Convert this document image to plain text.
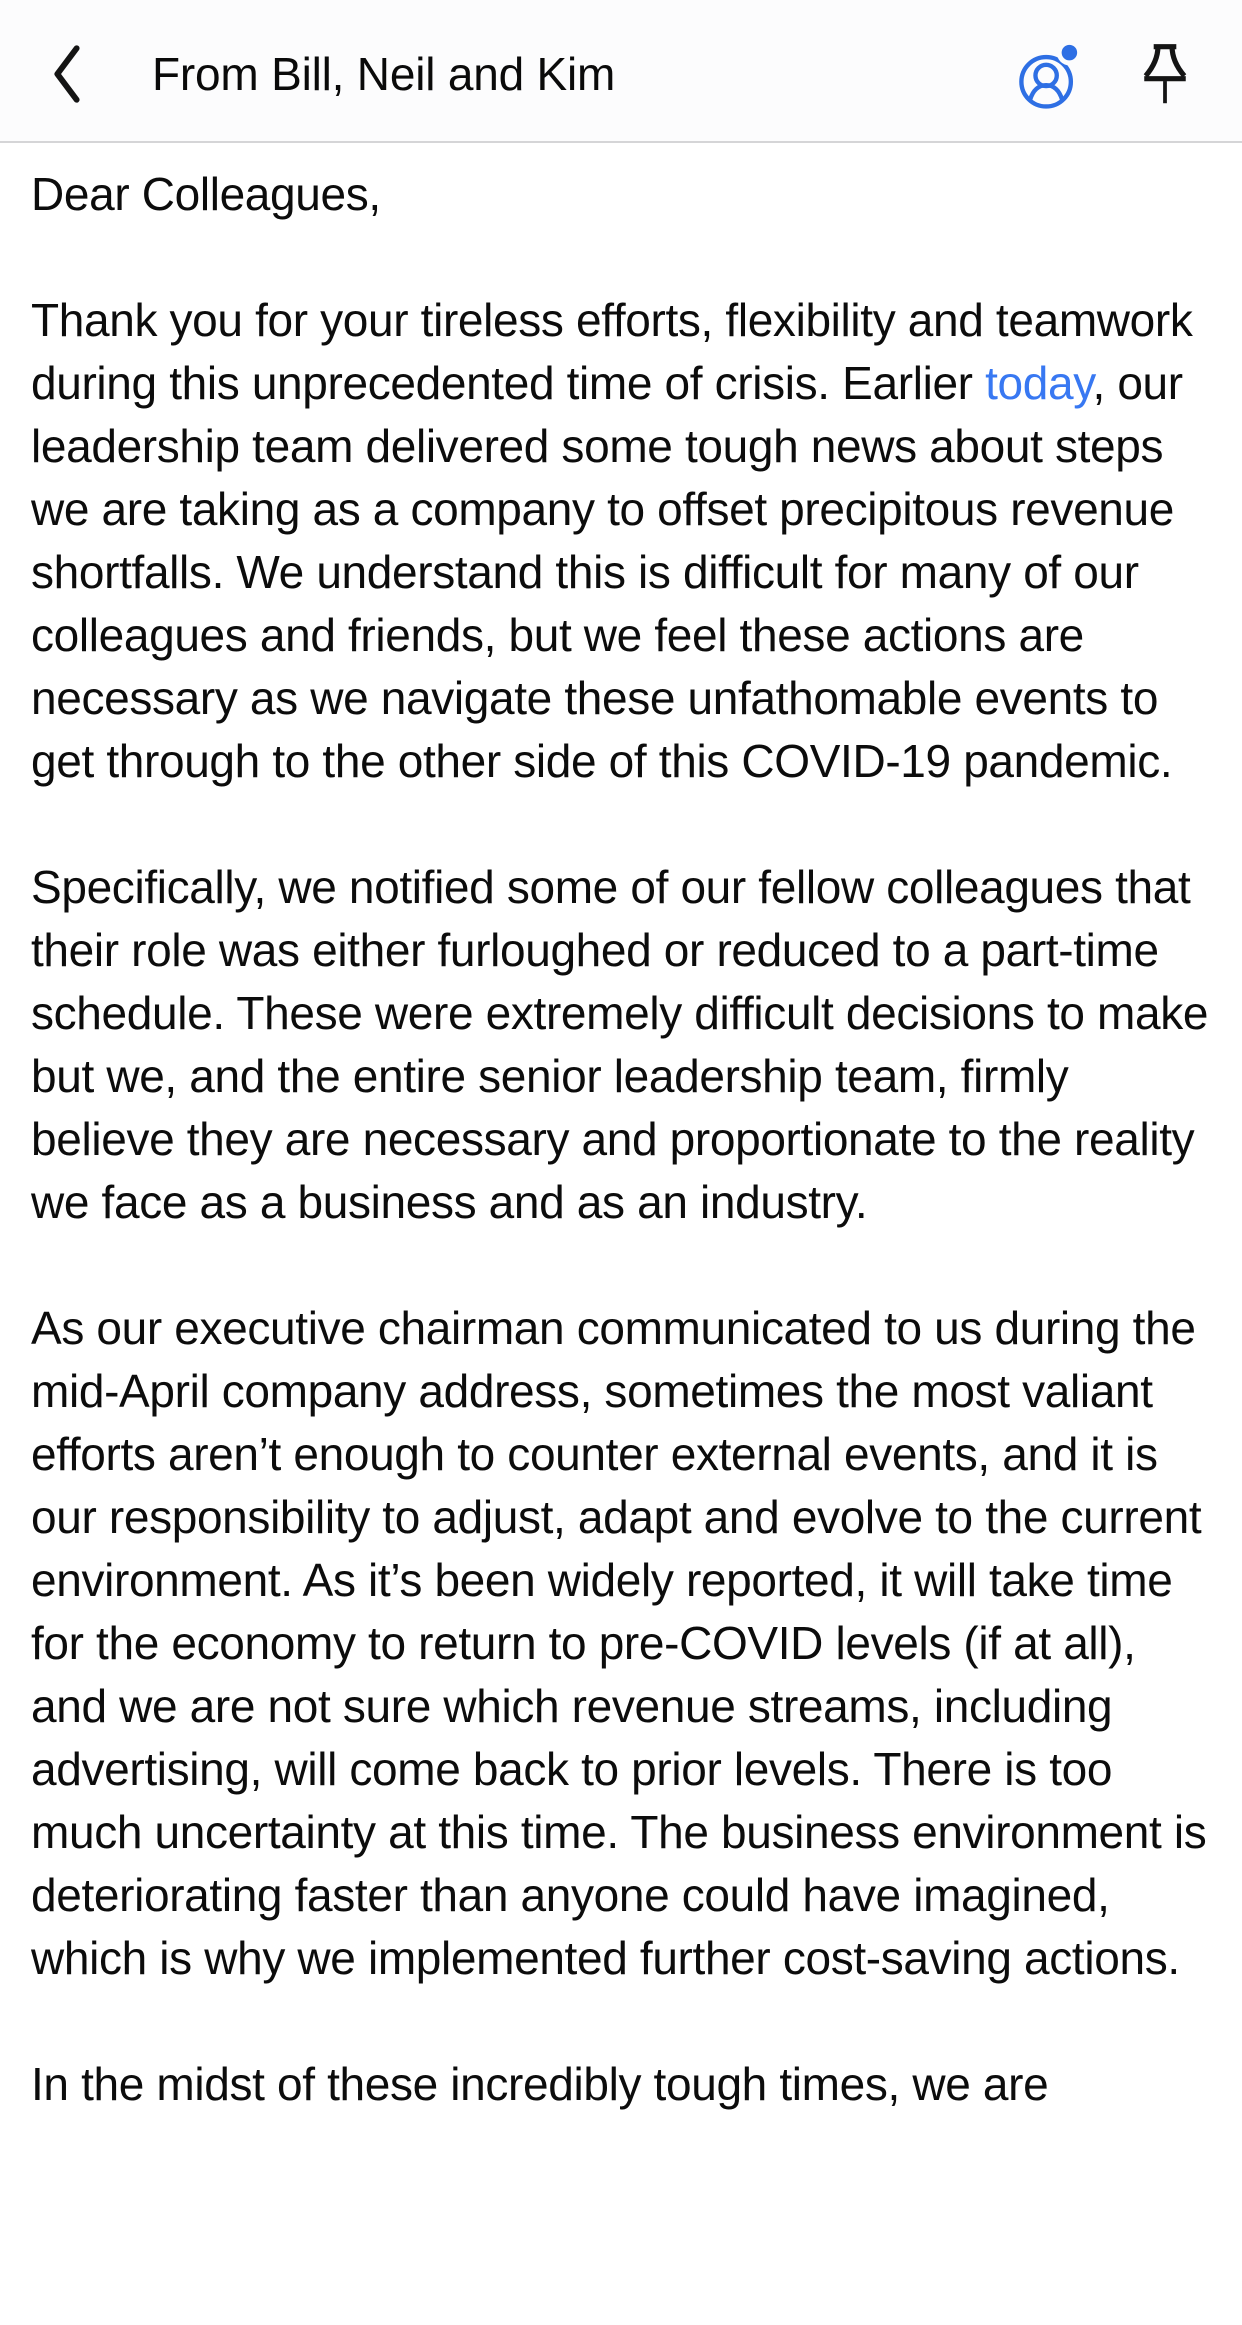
From Bill, Neil and Kim

Dear Colleagues,

Thank you for your tireless efforts, flexibility and teamwork during this unprecedented time of crisis. Earlier today, our leadership team delivered some tough news about steps we are taking as a company to offset precipitous revenue shortfalls. We understand this is difficult for many of our colleagues and friends, but we feel these actions are necessary as we navigate these unfathomable events to get through to the other side of this COVID-19 pandemic.

Specifically, we notified some of our fellow colleagues that their role was either furloughed or reduced to a part-time schedule. These were extremely difficult decisions to make but we, and the entire senior leadership team, firmly believe they are necessary and proportionate to the reality we face as a business and as an industry.

As our executive chairman communicated to us during the mid-April company address, sometimes the most valiant efforts aren’t enough to counter external events, and it is our responsibility to adjust, adapt and evolve to the current environment. As it’s been widely reported, it will take time for the economy to return to pre-COVID levels (if at all), and we are not sure which revenue streams, including advertising, will come back to prior levels. There is too much uncertainty at this time. The business environment is deteriorating faster than anyone could have imagined, which is why we implemented further cost-saving actions.

In the midst of these incredibly tough times, we are
